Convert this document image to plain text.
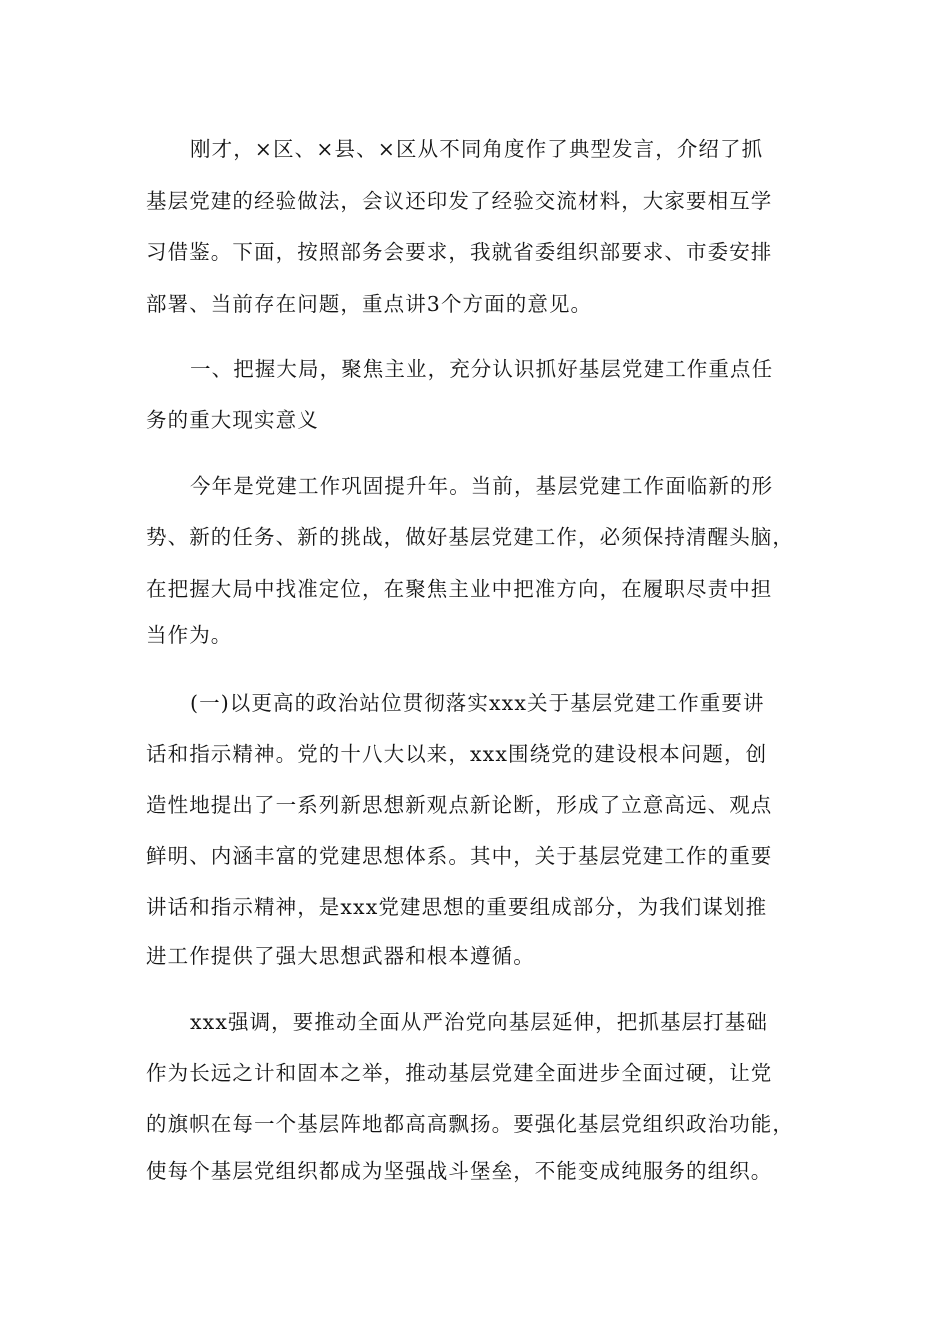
刚才，×区、×县、×区从不同角度作了典型发言，介绍了抓
基层党建的经验做法，会议还印发了经验交流材料，大家要相互学
习借鉴。下面，按照部务会要求，我就省委组织部要求、市委安排
部署、当前存在问题，重点讲3个方面的意见。
一、把握大局，聚焦主业，充分认识抓好基层党建工作重点任
务的重大现实意义
今年是党建工作巩固提升年。当前，基层党建工作面临新的形
势、新的任务、新的挑战，做好基层党建工作，必须保持清醒头脑，
在把握大局中找准定位，在聚焦主业中把准方向，在履职尽责中担
当作为。
(一)以更高的政治站位贯彻落实xxx关于基层党建工作重要讲
话和指示精神。党的十八大以来，xxx围绕党的建设根本问题，创
造性地提出了一系列新思想新观点新论断，形成了立意高远、观点
鲜明、内涵丰富的党建思想体系。其中，关于基层党建工作的重要
讲话和指示精神，是xxx党建思想的重要组成部分，为我们谋划推
进工作提供了强大思想武器和根本遵循。
xxx强调，要推动全面从严治党向基层延伸，把抓基层打基础
作为长远之计和固本之举，推动基层党建全面进步全面过硬，让党
的旗帜在每一个基层阵地都高高飘扬。要强化基层党组织政治功能，
使每个基层党组织都成为坚强战斗堡垒，不能变成纯服务的组织。
